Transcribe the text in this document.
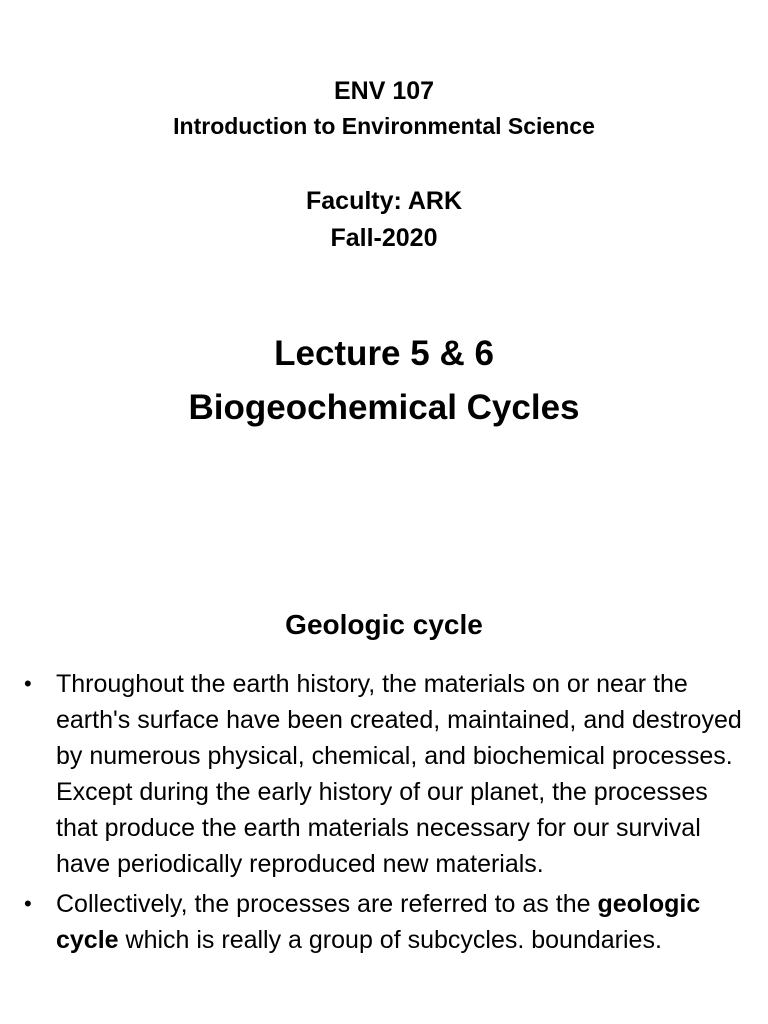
ENV 107
Introduction to Environmental Science
Faculty: ARK
Fall-2020
Lecture 5 & 6
Biogeochemical Cycles
Geologic cycle
• Throughout the earth history, the materials on or near the earth's surface have been created, maintained, and destroyed by numerous physical, chemical, and biochemical processes. Except during the early history of our planet, the processes that produce the earth materials necessary for our survival have periodically reproduced new materials.
• Collectively, the processes are referred to as the geologic cycle which is really a group of subcycles. boundaries.
